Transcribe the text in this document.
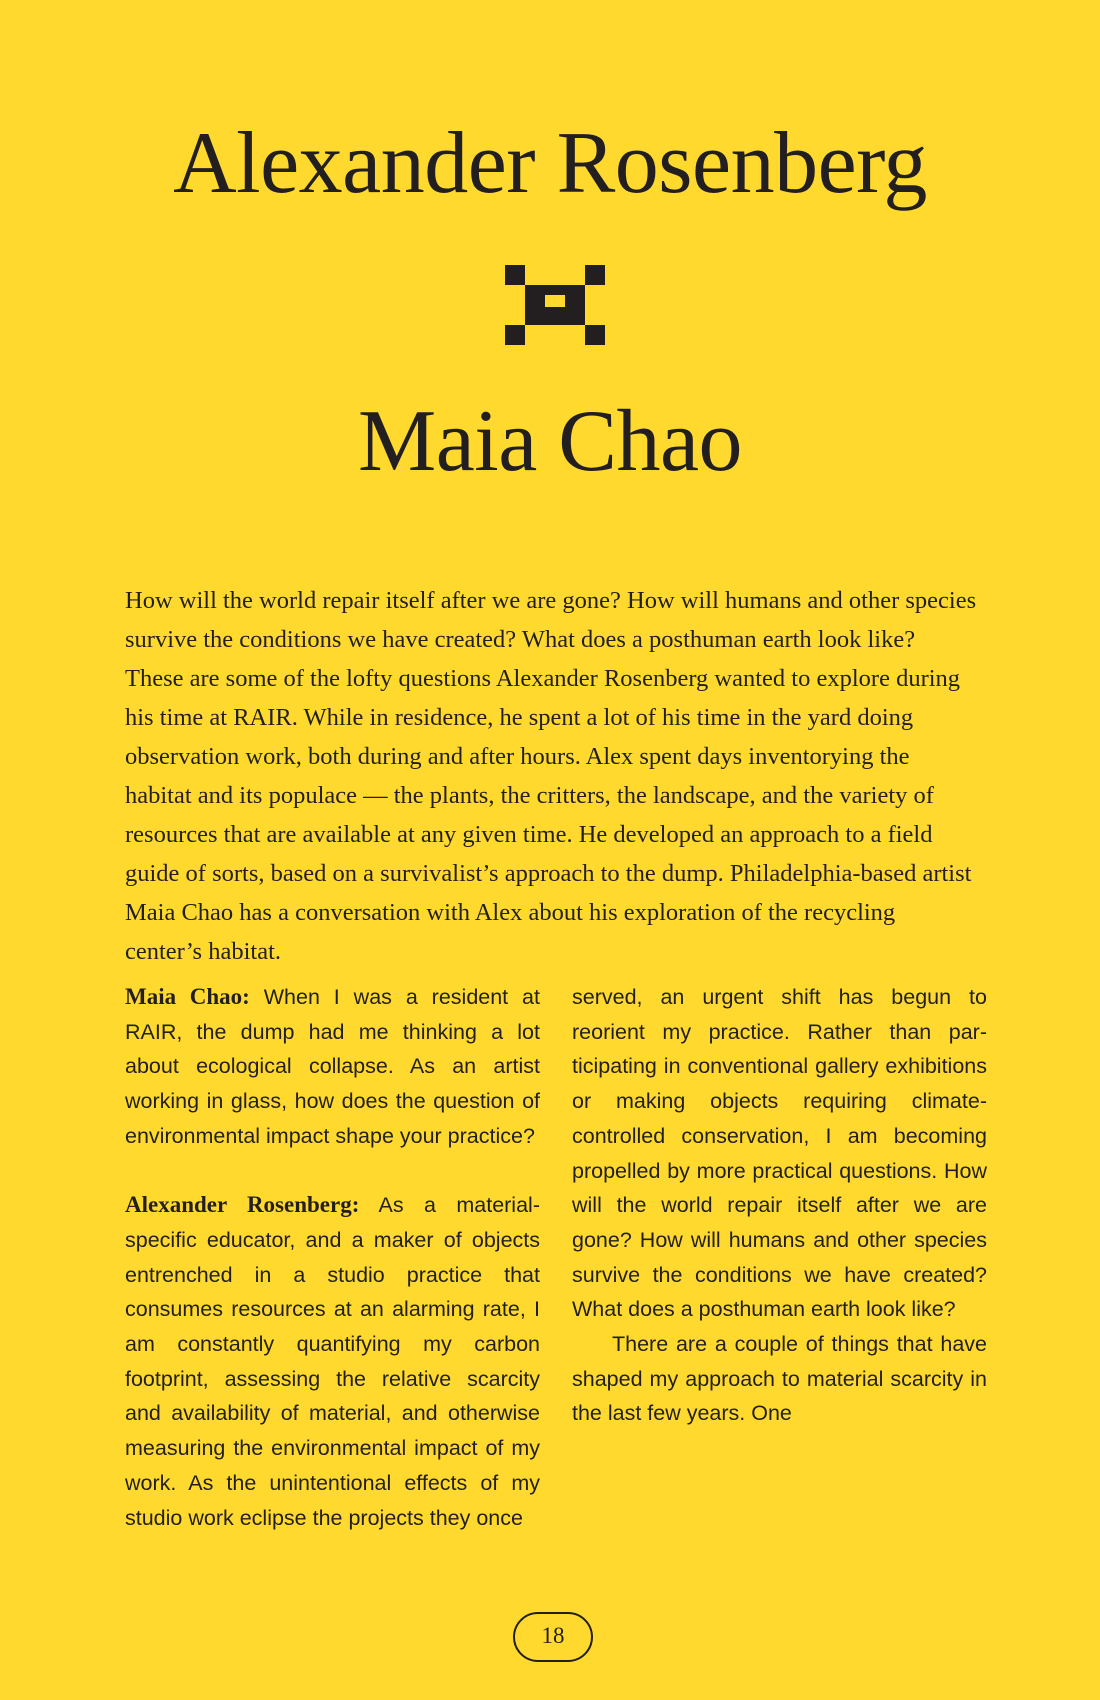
Alexander Rosenberg
Maia Chao

How will the world repair itself after we are gone? How will humans and other species survive the conditions we have created? What does a posthuman earth look like? These are some of the lofty questions Alexander Rosenberg wanted to explore during his time at RAIR. While in residence, he spent a lot of his time in the yard doing observation work, both during and after hours. Alex spent days inventorying the habitat and its populace — the plants, the critters, the landscape, and the variety of resources that are available at any given time. He developed an approach to a field guide of sorts, based on a survivalist’s approach to the dump. Philadelphia-based artist Maia Chao has a conversation with Alex about his exploration of the recycling center’s habitat.

Maia Chao: When I was a resident at RAIR, the dump had me thinking a lot about ecological collapse. As an artist working in glass, how does the question of environmental impact shape your practice?

Alexander Rosenberg: As a material-specific educator, and a maker of objects entrenched in a studio practice that consumes resources at an alarming rate, I am constantly quantifying my carbon footprint, assessing the relative scarcity and availability of material, and otherwise measuring the environmental impact of my work. As the unintentional effects of my studio work eclipse the projects they once

served, an urgent shift has begun to reorient my practice. Rather than participating in conventional gallery exhibitions or making objects requiring climate-controlled conservation, I am becoming propelled by more practical questions. How will the world repair itself after we are gone? How will humans and other species survive the conditions we have created? What does a posthuman earth look like?

There are a couple of things that have shaped my approach to material scarcity in the last few years. One

18
